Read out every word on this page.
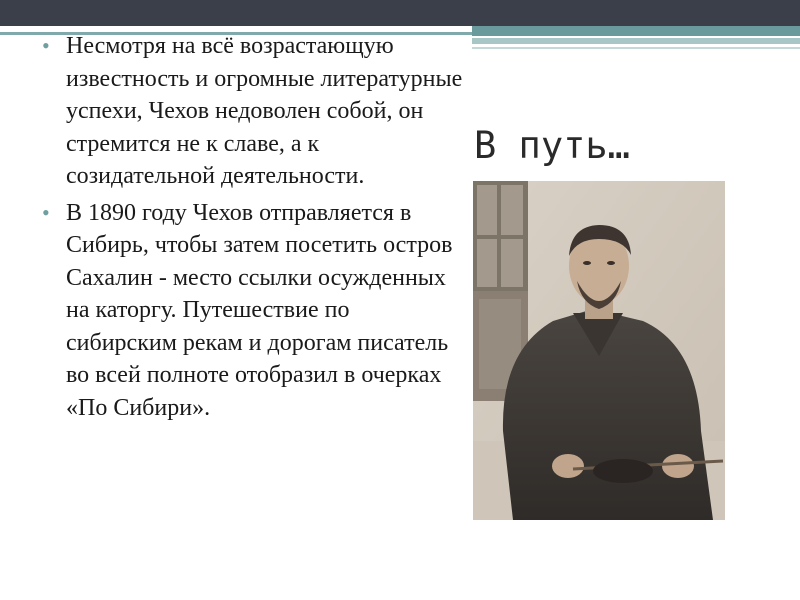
• Несмотря на всё возрастающую известность и огромные литературные успехи, Чехов недоволен собой, он стремится не к славе, а к созидательной деятельности.
• В 1890 году Чехов отправляется в Сибирь, чтобы затем посетить остров Сахалин - место ссылки осужденных на каторгу. Путешествие по сибирским рекам и дорогам писатель во всей полноте отобразил в очерках «По Сибири».
В путь…
